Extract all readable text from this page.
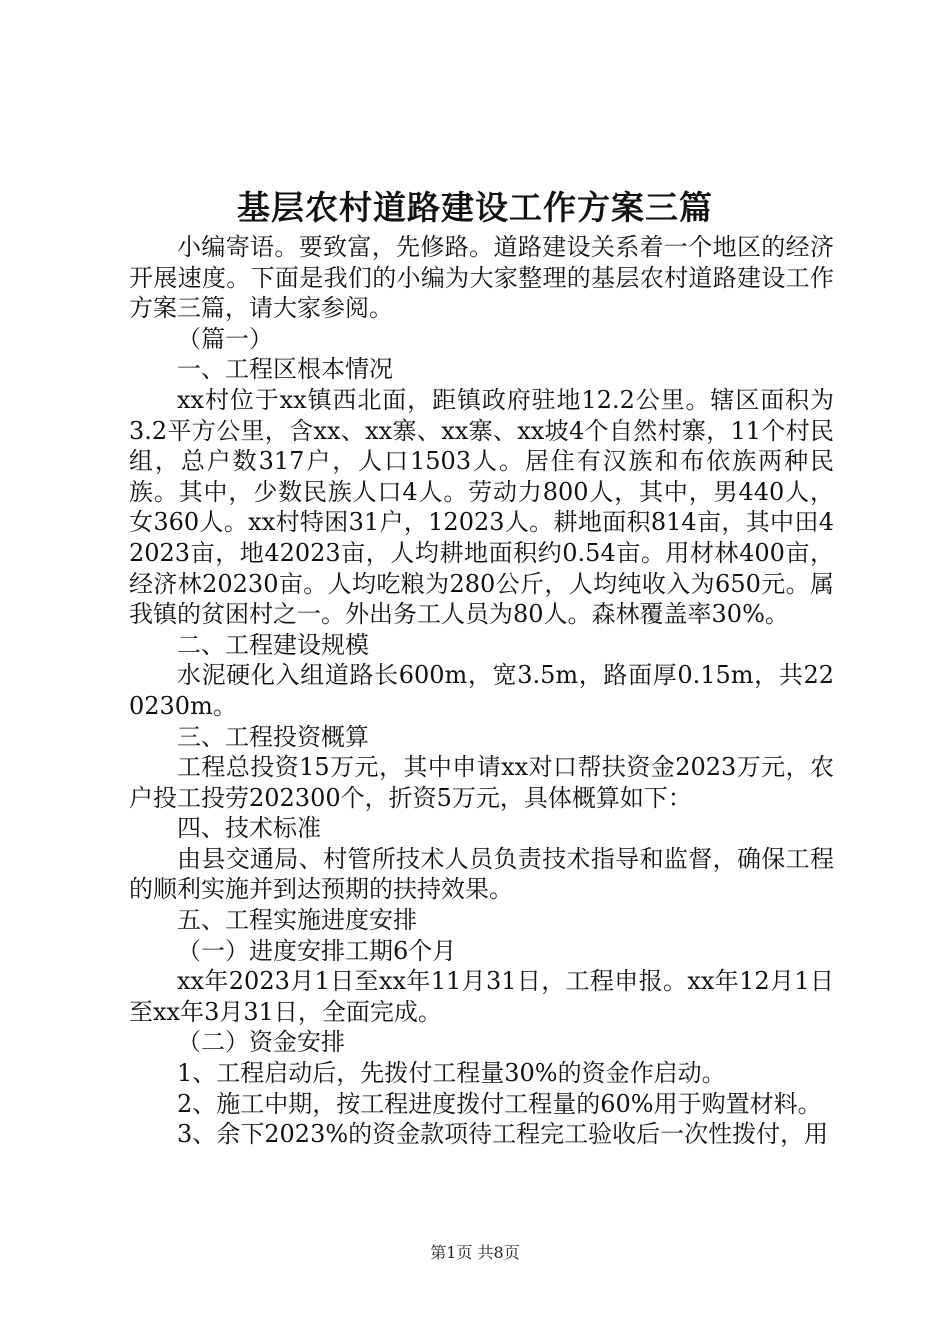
基层农村道路建设工作方案三篇

小编寄语。要致富，先修路。道路建设关系着一个地区的经济开展速度。下面是我们的小编为大家整理的基层农村道路建设工作方案三篇，请大家参阅。

（篇一）

一、工程区根本情况

xx村位于xx镇西北面，距镇政府驻地12.2公里。辖区面积为3.2平方公里，含xx、xx寨、xx寨、xx坡4个自然村寨，11个村民组，总户数317户，人口1503人。居住有汉族和布依族两种民族。其中，少数民族人口4人。劳动力800人，其中，男440人，女360人。xx村特困31户，12023人。耕地面积814亩，其中田42023亩，地42023亩，人均耕地面积约0.54亩。用材林400亩，经济林20230亩。人均吃粮为280公斤，人均纯收入为650元。属我镇的贫困村之一。外出务工人员为80人。森林覆盖率30%。

二、工程建设规模

水泥硬化入组道路长600m，宽3.5m，路面厚0.15m，共220230m。

三、工程投资概算

工程总投资15万元，其中申请xx对口帮扶资金2023万元，农户投工投劳202300个，折资5万元，具体概算如下：

四、技术标准

由县交通局、村管所技术人员负责技术指导和监督，确保工程的顺利实施并到达预期的扶持效果。

五、工程实施进度安排

（一）进度安排工期6个月

xx年2023月1日至xx年11月31日，工程申报。xx年12月1日至xx年3月31日，全面完成。

（二）资金安排

1、工程启动后，先拨付工程量30%的资金作启动。

2、施工中期，按工程进度拨付工程量的60%用于购置材料。

3、余下2023%的资金款项待工程完工验收后一次性拨付，用

第1页 共8页
